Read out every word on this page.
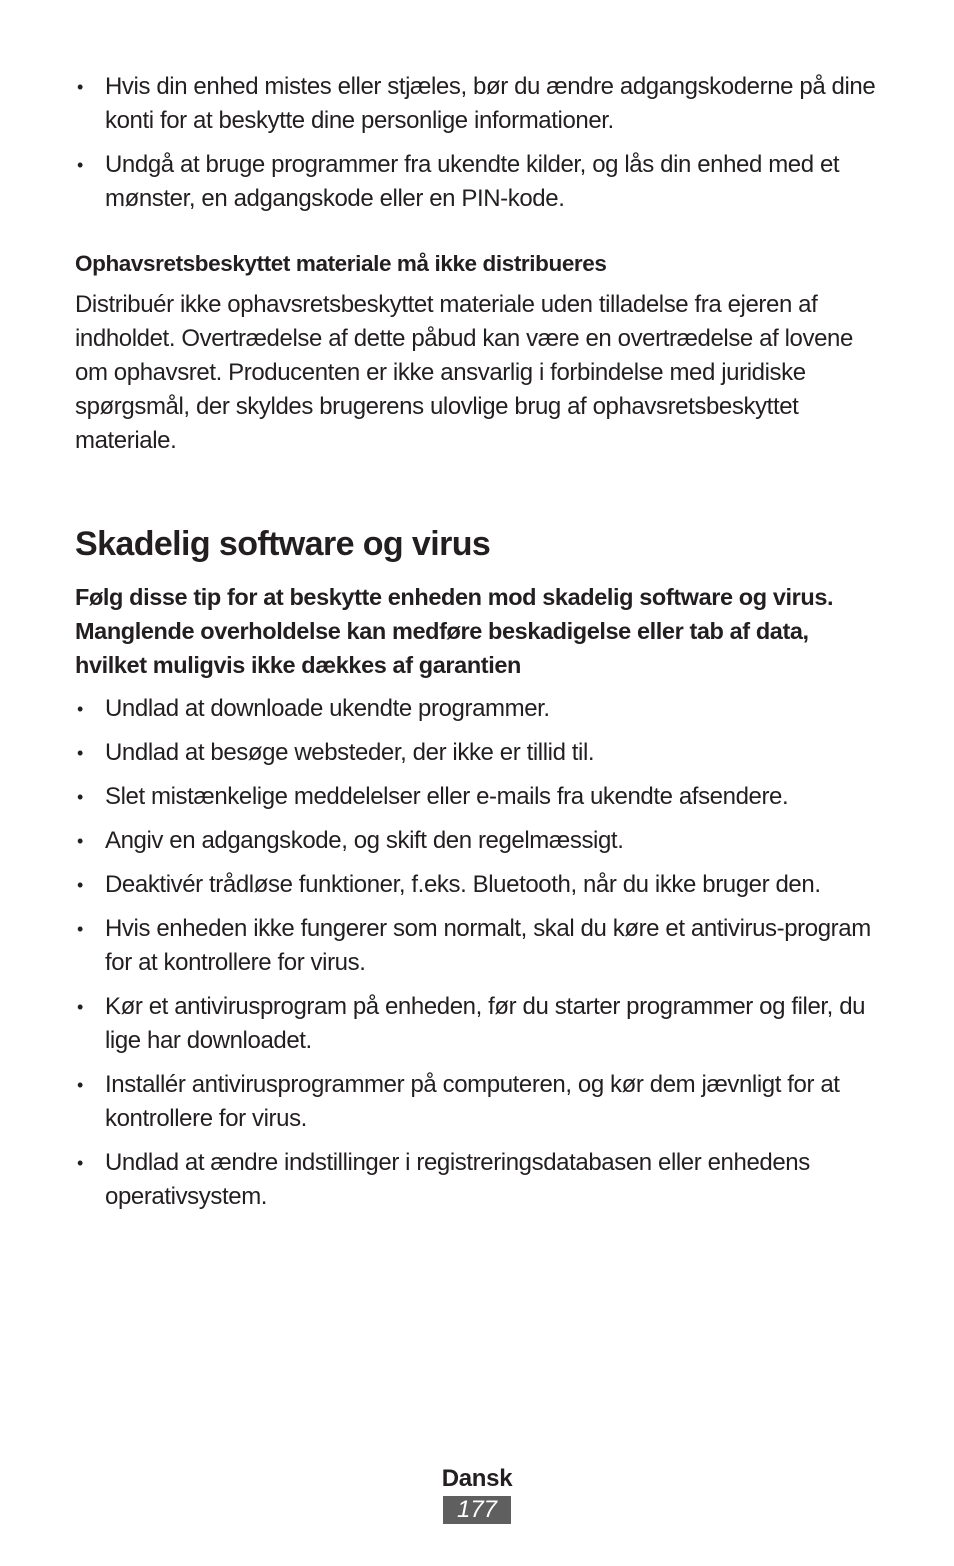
• Hvis din enhed mistes eller stjæles, bør du ændre adgangskoderne på dine konti for at beskytte dine personlige informationer.
• Undgå at bruge programmer fra ukendte kilder, og lås din enhed med et mønster, en adgangskode eller en PIN-kode.
Ophavsretsbeskyttet materiale må ikke distribueres

Distribuér ikke ophavsretsbeskyttet materiale uden tilladelse fra ejeren af indholdet. Overtrædelse af dette påbud kan være en overtrædelse af lovene om ophavsret. Producenten er ikke ansvarlig i forbindelse med juridiske spørgsmål, der skyldes brugerens ulovlige brug af ophavsretsbeskyttet materiale.

Skadelig software og virus

Følg disse tip for at beskytte enheden mod skadelig software og virus. Manglende overholdelse kan medføre beskadigelse eller tab af data, hvilket muligvis ikke dækkes af garantien

• Undlad at downloade ukendte programmer.
• Undlad at besøge websteder, der ikke er tillid til.
• Slet mistænkelige meddelelser eller e-mails fra ukendte afsendere.
• Angiv en adgangskode, og skift den regelmæssigt.
• Deaktivér trådløse funktioner, f.eks. Bluetooth, når du ikke bruger den.
• Hvis enheden ikke fungerer som normalt, skal du køre et antivirus-program for at kontrollere for virus.
• Kør et antivirusprogram på enheden, før du starter programmer og filer, du lige har downloadet.
• Installér antivirusprogrammer på computeren, og kør dem jævnligt for at kontrollere for virus.
• Undlad at ændre indstillinger i registreringsdatabasen eller enhedens operativsystem.
Dansk
177
